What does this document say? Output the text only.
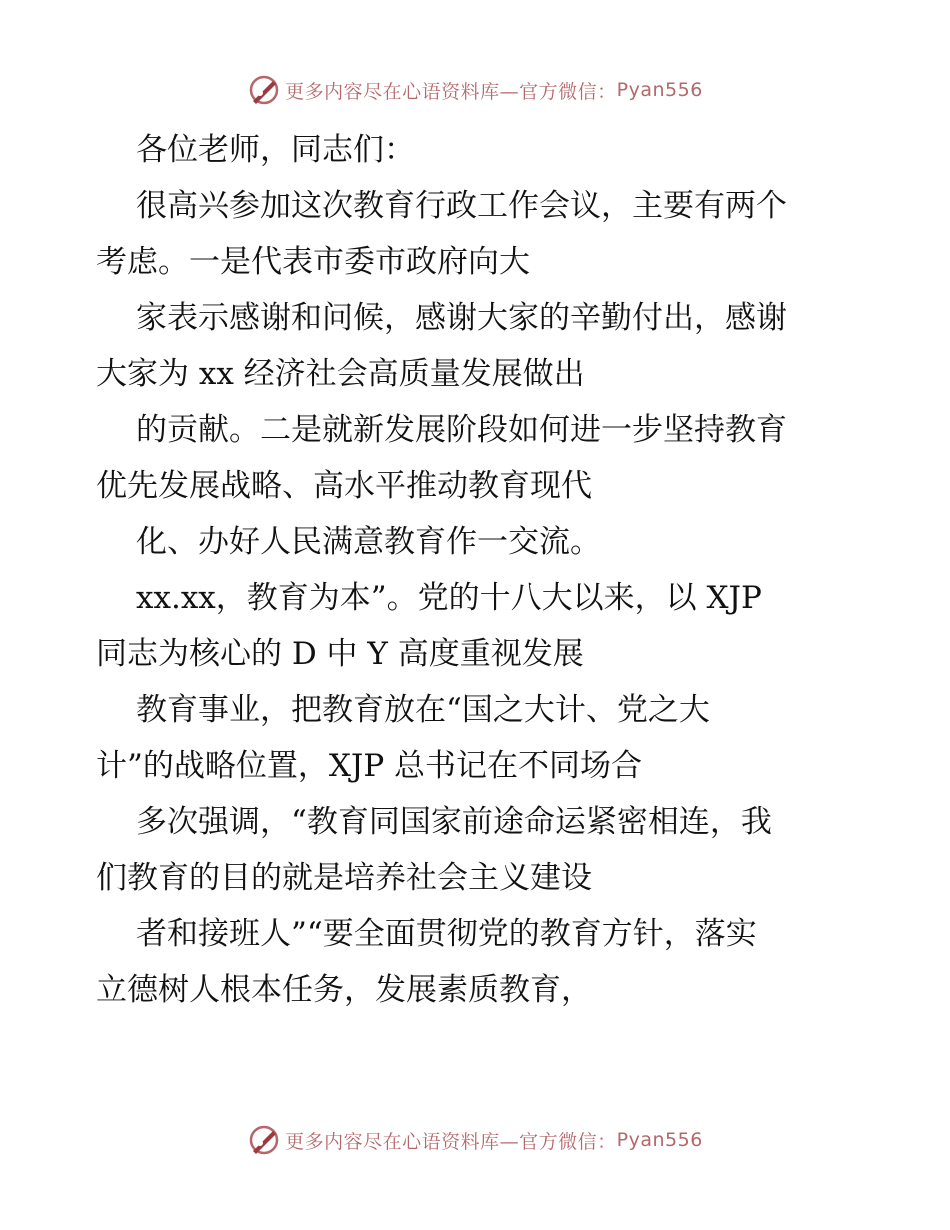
更多内容尽在心语资料库—官方微信： Pyan556
各位老师，同志们：
很高兴参加这次教育行政工作会议，主要有两个
考虑。一是代表市委市政府向大
家表示感谢和问候，感谢大家的辛勤付出，感谢
大家为 xx 经济社会高质量发展做出
的贡献。二是就新发展阶段如何进一步坚持教育
优先发展战略、高水平推动教育现代
化、办好人民满意教育作一交流。
xx.xx，教育为本”。党的十八大以来，以 XJP
同志为核心的 D 中 Y 高度重视发展
教育事业，把教育放在“国之大计、党之大
计”的战略位置，XJP 总书记在不同场合
多次强调，“教育同国家前途命运紧密相连，我
们教育的目的就是培养社会主义建设
者和接班人”“要全面贯彻党的教育方针，落实
立德树人根本任务，发展素质教育，
更多内容尽在心语资料库—官方微信： Pyan556
